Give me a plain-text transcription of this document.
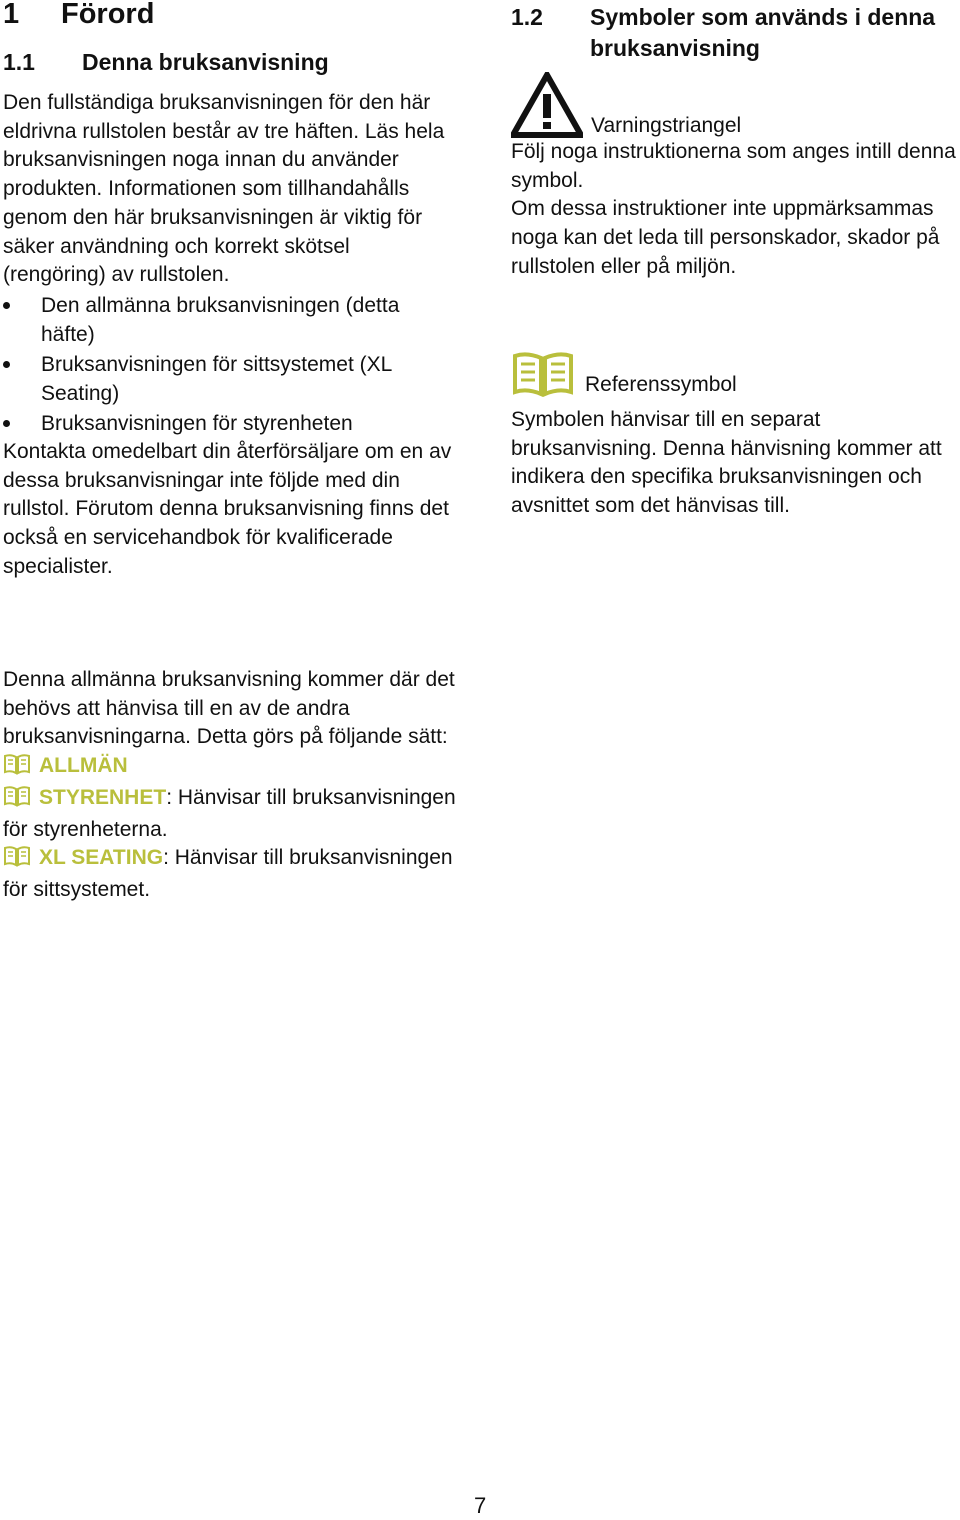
1 Förord
1.1 Denna bruksanvisning

Den fullständiga bruksanvisningen för den här eldrivna rullstolen består av tre häften. Läs hela bruksanvisningen noga innan du använder produkten. Informationen som tillhandahålls genom den här bruksanvisningen är viktig för säker användning och korrekt skötsel (rengöring) av rullstolen.

Den allmänna bruksanvisningen (detta häfte)
Bruksanvisningen för sittsystemet (XL Seating)
Bruksanvisningen för styrenheten

Kontakta omedelbart din återförsäljare om en av dessa bruksanvisningar inte följde med din rullstol. Förutom denna bruksanvisning finns det också en servicehandbok för kvalificerade specialister.

Denna allmänna bruksanvisning kommer där det behövs att hänvisa till en av de andra bruksanvisningarna. Detta görs på följande sätt:

ALLMÄN
STYRENHET: Hänvisar till bruksanvisningen för styrenheterna.
XL SEATING: Hänvisar till bruksanvisningen för sittsystemet.
1.2	Symboler som används i denna bruksanvisning
Varningstriangel

Följ noga instruktionerna som anges intill denna symbol.

Om dessa instruktioner inte uppmärksammas noga kan det leda till personskador, skador på rullstolen eller på miljön.

Referenssymbol

Symbolen hänvisar till en separat bruksanvisning. Denna hänvisning kommer att indikera den specifika bruksanvisningen och avsnittet som det hänvisas till.

7
